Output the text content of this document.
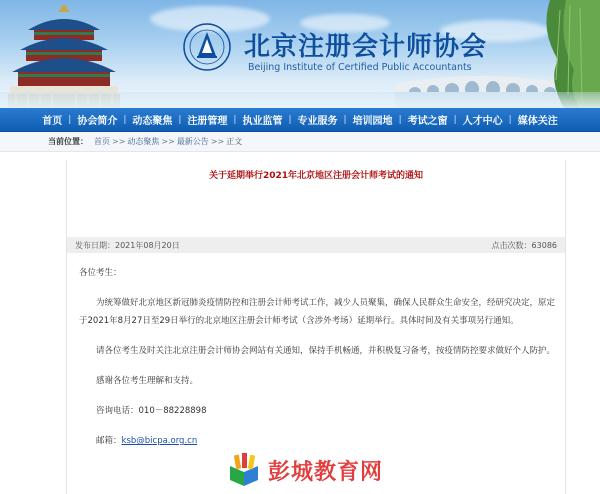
北京注册会计师协会
Beijing Institute of Certified Public Accountants
首页 | 协会简介 | 动态聚焦 | 注册管理 | 执业监管 | 专业服务 | 培训园地 | 考试之窗 | 人才中心 | 媒体关注
当前位置： 首页 >> 动态聚焦 >> 最新公告 >> 正文
关于延期举行2021年北京地区注册会计师考试的通知
发布日期：2021年08月20日	点击次数：63086

各位考生：

为统筹做好北京地区新冠肺炎疫情防控和注册会计师考试工作，减少人员聚集，确保人民群众生命安全，经研究决定，原定于2021年8月27日至29日举行的北京地区注册会计师考试（含涉外考场）延期举行。具体时间及有关事项另行通知。

请各位考生及时关注北京注册会计师协会网站有关通知，保持手机畅通，并积极复习备考，按疫情防控要求做好个人防护。

感谢各位考生理解和支持。

咨询电话：010－88228898

邮箱：ksb@bicpa.org.cn

彭城教育网
